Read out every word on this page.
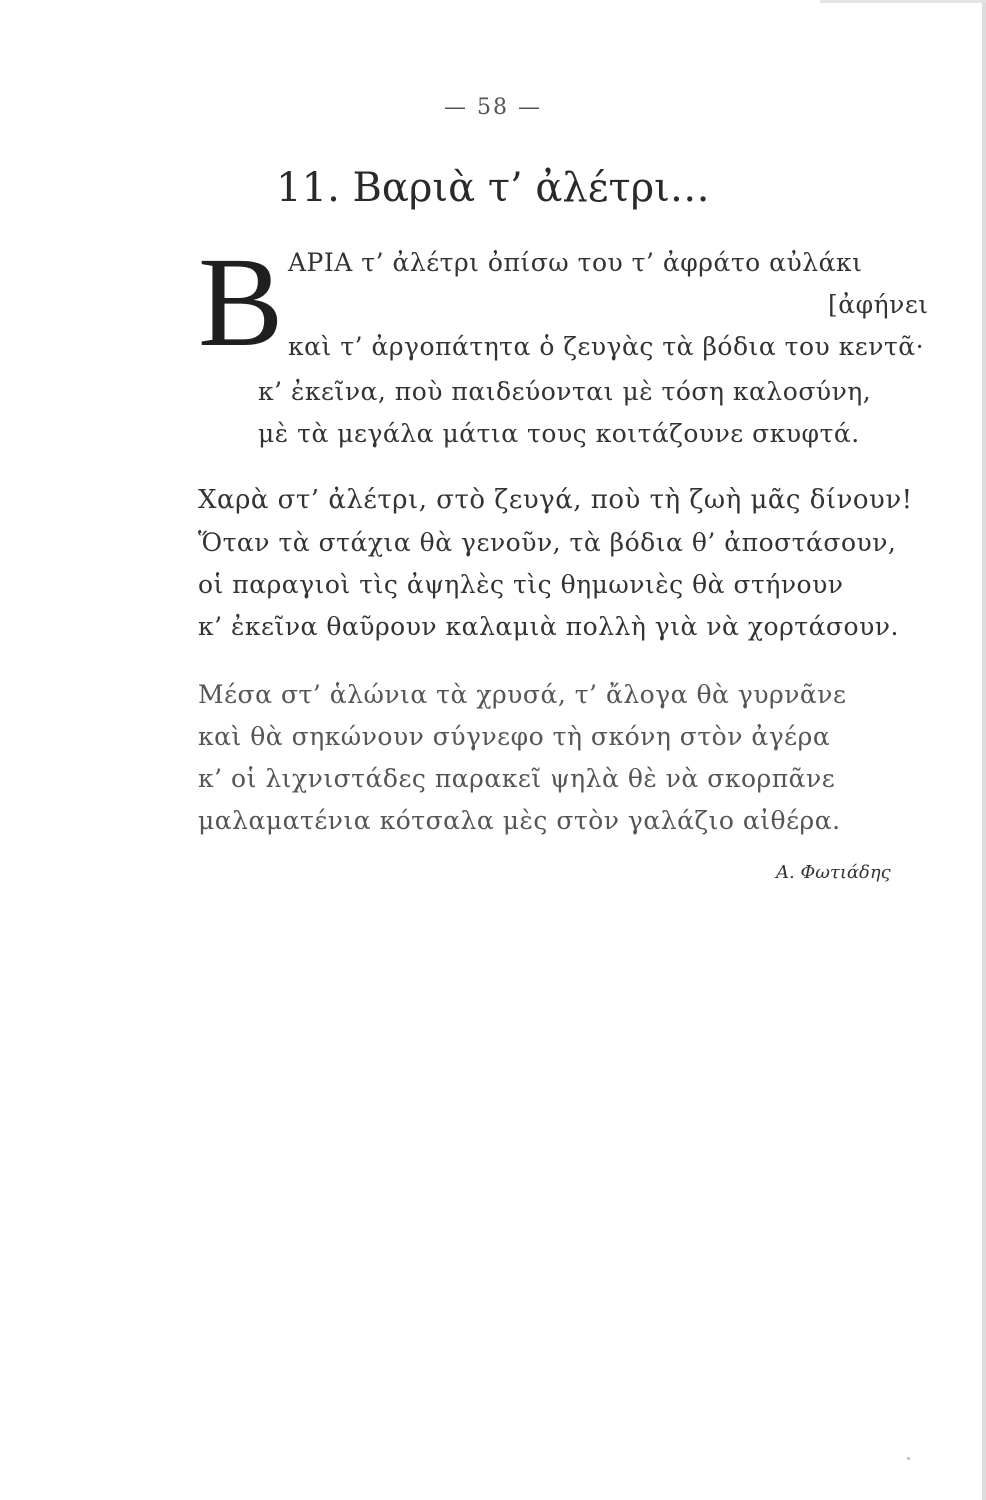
— 58 —
11. Βαριὰ τ’ ἀλέτρι…
Β ΑΡΙΑ τ’ ἀλέτρι ὀπίσω του τ’ ἀφράτο αὐλάκι
[ἀφήνει
καὶ τ’ ἀργοπάτητα ὁ ζευγὰς τὰ βόδια του κεντᾶ·
κ’ ἐκεῖνα, ποὺ παιδεύονται μὲ τόση καλοσύνη,
μὲ τὰ μεγάλα μάτια τους κοιτάζουνε σκυφτά.
Χαρὰ στ’ ἀλέτρι, στὸ ζευγά, ποὺ τὴ ζωὴ μᾶς δίνουν!
Ὅταν τὰ στάχια θὰ γενοῦν, τὰ βόδια θ’ ἀποστάσουν,
οἱ παραγιοὶ τὶς ἀψηλὲς τὶς θημωνιὲς θὰ στήνουν
κ’ ἐκεῖνα θαῦρουν καλαμιὰ πολλὴ γιὰ νὰ χορτάσουν.
Μέσα στ’ ἁλώνια τὰ χρυσά, τ’ ἄλογα θὰ γυρνᾶνε
καὶ θὰ σηκώνουν σύγνεφο τὴ σκόνη στὸν ἀγέρα
κ’ οἱ λιχνιστάδες παρακεῖ ψηλὰ θὲ νὰ σκορπᾶνε
μαλαματένια κότσαλα μὲς στὸν γαλάζιο αἰθέρα.
Α. Φωτιάδης
